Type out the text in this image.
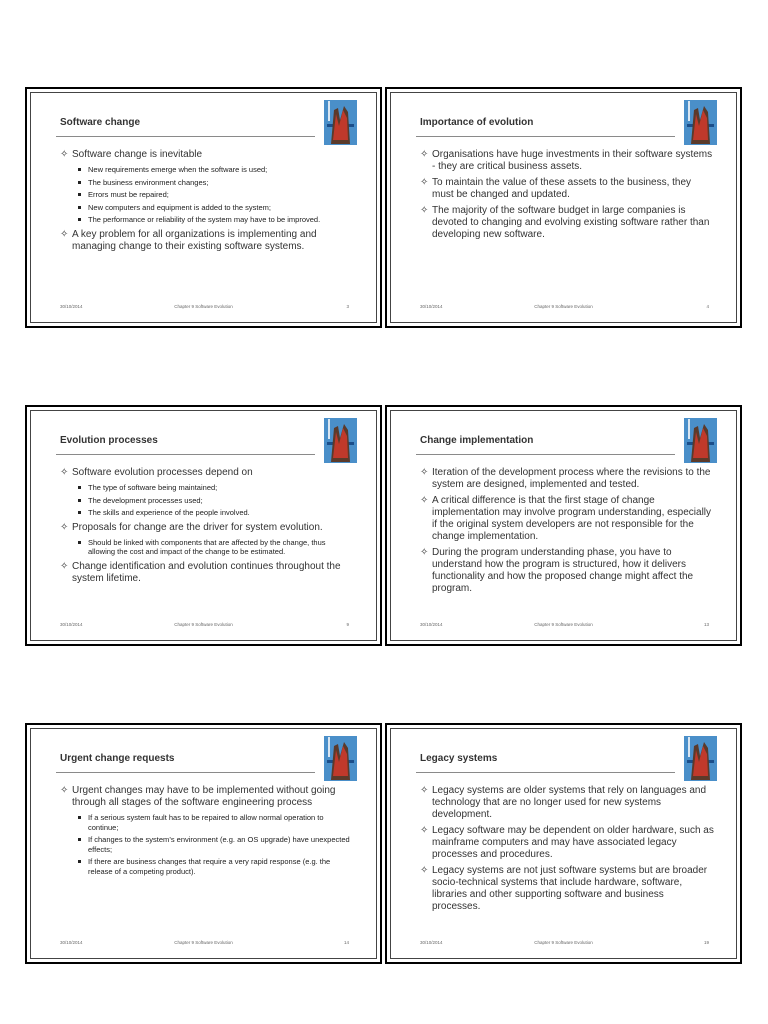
Software change
✧ Software change is inevitable
New requirements emerge when the software is used;
The business environment changes;
Errors must be repaired;
New computers and equipment is added to the system;
The performance or reliability of the system may have to be improved.
✧ A key problem for all organizations is implementing and managing change to their existing software systems.
30/10/2014	Chapter 9 Software Evolution	3
Importance of evolution
✧ Organisations have huge investments in their software systems - they are critical business assets.
✧ To maintain the value of these assets to the business, they must be changed and updated.
✧ The majority of the software budget in large companies is devoted to changing and evolving existing software rather than developing new software.
30/10/2014	Chapter 9 Software Evolution	4
Evolution processes
✧ Software evolution processes depend on
The type of software being maintained;
The development processes used;
The skills and experience of the people involved.
✧ Proposals for change are the driver for system evolution.
Should be linked with components that are affected by the change, thus allowing the cost and impact of the change to be estimated.
✧ Change identification and evolution continues throughout the system lifetime.
30/10/2014	Chapter 9 Software Evolution	9
Change implementation
✧ Iteration of the development process where the revisions to the system are designed, implemented and tested.
✧ A critical difference is that the first stage of change implementation may involve program understanding, especially if the original system developers are not responsible for the change implementation.
✧ During the program understanding phase, you have to understand how the program is structured, how it delivers functionality and how the proposed change might affect the program.
30/10/2014	Chapter 9 Software Evolution	13
Urgent change requests
✧ Urgent changes may have to be implemented without going through all stages of the software engineering process
If a serious system fault has to be repaired to allow normal operation to continue;
If changes to the system’s environment (e.g. an OS upgrade) have unexpected effects;
If there are business changes that require a very rapid response (e.g. the release of a competing product).
30/10/2014	Chapter 9 Software Evolution	14
Legacy systems
✧ Legacy systems are older systems that rely on languages and technology that are no longer used for new systems development.
✧ Legacy software may be dependent on older hardware, such as mainframe computers and may have associated legacy processes and procedures.
✧ Legacy systems are not just software systems but are broader socio-technical systems that include hardware, software, libraries and other supporting software and business processes.
30/10/2014	Chapter 9 Software Evolution	19
